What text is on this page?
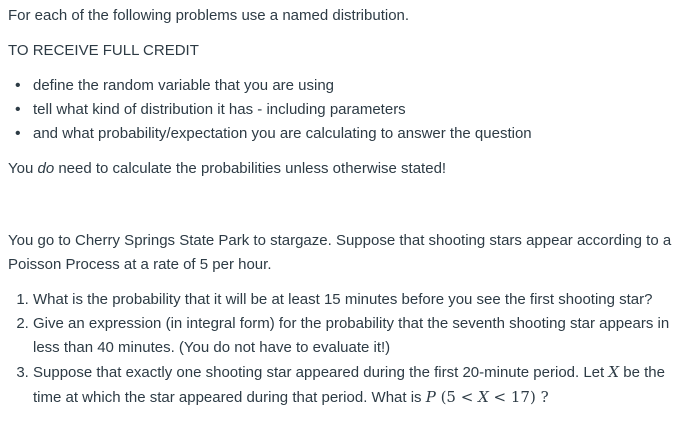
For each of the following problems use a named distribution.

TO RECEIVE FULL CREDIT

• define the random variable that you are using
• tell what kind of distribution it has - including parameters
• and what probability/expectation you are calculating to answer the question

You do need to calculate the probabilities unless otherwise stated!

You go to Cherry Springs State Park to stargaze. Suppose that shooting stars appear according to a Poisson Process at a rate of 5 per hour.

1. What is the probability that it will be at least 15 minutes before you see the first shooting star?
2. Give an expression (in integral form) for the probability that the seventh shooting star appears in less than 40 minutes. (You do not have to evaluate it!)
3. Suppose that exactly one shooting star appeared during the first 20-minute period. Let X be the time at which the star appeared during that period. What is P (5 < X < 17) ?
